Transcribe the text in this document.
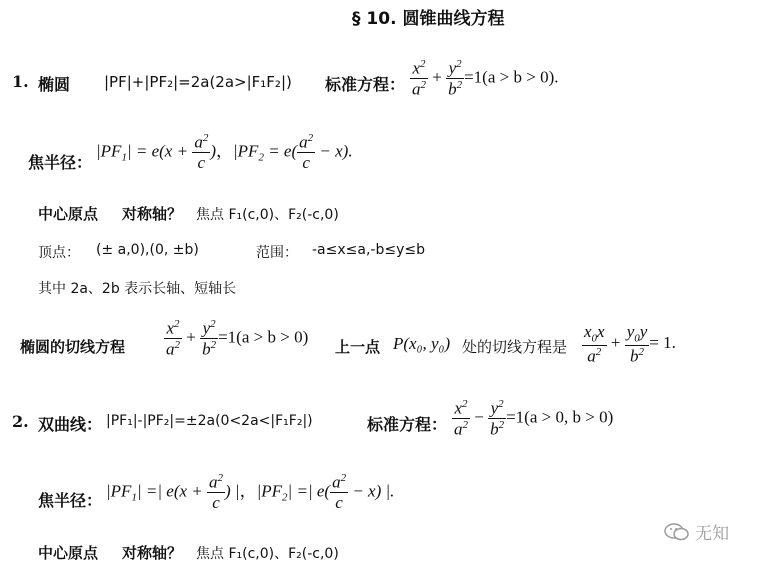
§ 10. 圆锥曲线方程
1. 椭圆 |PF|+|PF₂|=2a(2a>|F₁F₂|) 标准方程： $\frac{x^2}{a^2} + \frac{y^2}{b^2} =1(a > b > 0)$.
焦半径：
$|PF_1| = e(x + \frac{a^2}{c}$ )，$|PF_2 = e( \frac{a^2}{c} - x)$.
中心原点 对称轴？ 焦点 F₁(c,0)、F₂(-c,0)
顶点： (± a,0),(0, ±b)	范围： -a≤x≤a,-b≤y≤b
其中 2a、2b 表示长轴、短轴长
椭圆的切线方程 $\frac{x^2}{a^2} + \frac{y^2}{b^2} =1(a > b > 0)$
上一点 P(x₀, y₀) 处的切线方程是 $\frac{x_0x}{a^2} + \frac{y_0y}{b^2} = 1$.
2. 双曲线： |PF₁|-|PF₂|=±2a(0<2a<|F₁F₂|)	标准方程： $\frac{x^2}{a^2} - \frac{y^2}{b^2} =1(a > 0$, b > 0)
焦半径：
$|PF_1|$ =| $e(x + \frac{a^2}{c}$ ) |，$|PF_2|$ =| $e( \frac{a^2}{c} - x)$ |.
中心原点 对称轴？ 焦点 F₁(c,0)、F₂(-c,0)
无知
